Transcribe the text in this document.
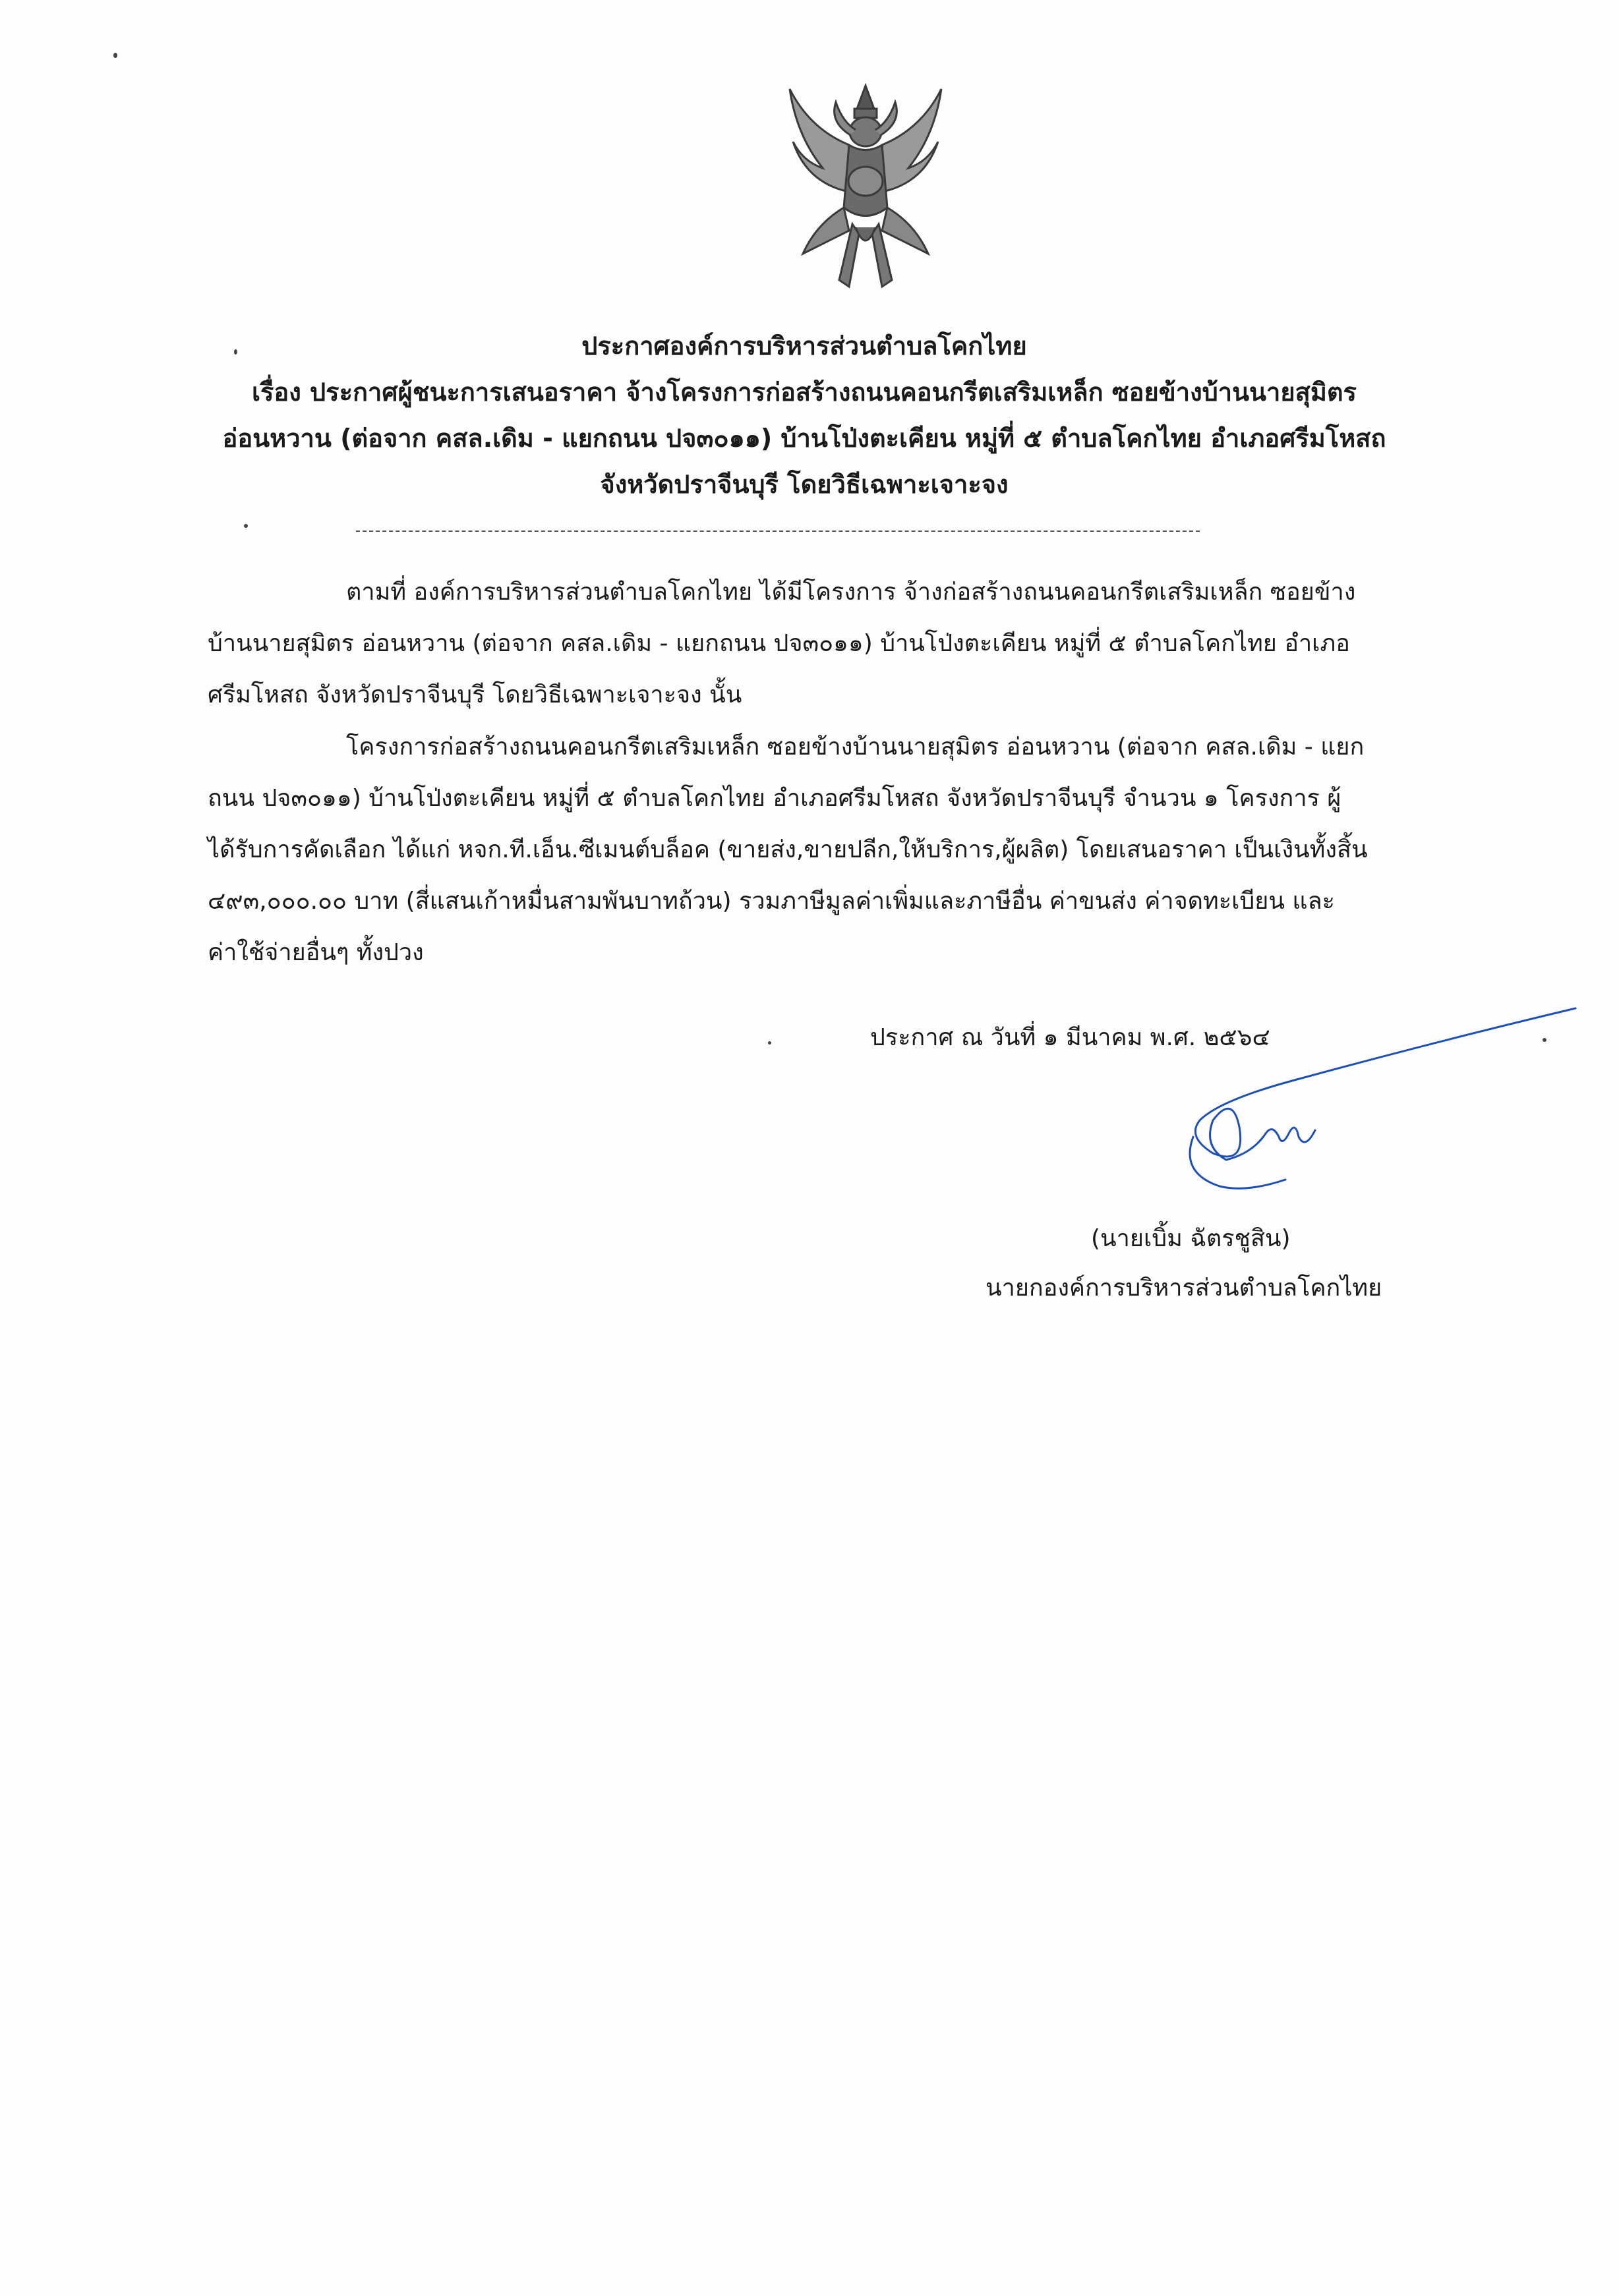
ประกาศองค์การบริหารส่วนตำบลโคกไทย
เรื่อง ประกาศผู้ชนะการเสนอราคา จ้างโครงการก่อสร้างถนนคอนกรีตเสริมเหล็ก ซอยข้างบ้านนายสุมิตร
อ่อนหวาน (ต่อจาก คสล.เดิม - แยกถนน ปจ๓๐๑๑) บ้านโป่งตะเคียน หมู่ที่ ๕ ตำบลโคกไทย อำเภอศรีมโหสถ
จังหวัดปราจีนบุรี โดยวิธีเฉพาะเจาะจง
ตามที่ องค์การบริหารส่วนตำบลโคกไทย ได้มีโครงการ จ้างก่อสร้างถนนคอนกรีตเสริมเหล็ก ซอยข้าง
บ้านนายสุมิตร อ่อนหวาน (ต่อจาก คสล.เดิม - แยกถนน ปจ๓๐๑๑) บ้านโป่งตะเคียน หมู่ที่ ๕ ตำบลโคกไทย อำเภอ
ศรีมโหสถ จังหวัดปราจีนบุรี โดยวิธีเฉพาะเจาะจง นั้น
โครงการก่อสร้างถนนคอนกรีตเสริมเหล็ก ซอยข้างบ้านนายสุมิตร อ่อนหวาน (ต่อจาก คสล.เดิม - แยก
ถนน ปจ๓๐๑๑) บ้านโป่งตะเคียน หมู่ที่ ๕ ตำบลโคกไทย อำเภอศรีมโหสถ จังหวัดปราจีนบุรี จำนวน ๑ โครงการ ผู้
ได้รับการคัดเลือก ได้แก่ หจก.ที.เอ็น.ซีเมนต์บล็อค (ขายส่ง,ขายปลีก,ให้บริการ,ผู้ผลิต) โดยเสนอราคา เป็นเงินทั้งสิ้น
๔๙๓,๐๐๐.๐๐ บาท (สี่แสนเก้าหมื่นสามพันบาทถ้วน) รวมภาษีมูลค่าเพิ่มและภาษีอื่น ค่าขนส่ง ค่าจดทะเบียน และ
ค่าใช้จ่ายอื่นๆ ทั้งปวง
ประกาศ ณ วันที่ ๑ มีนาคม พ.ศ. ๒๕๖๔
(นายเบิ้ม ฉัตรชูสิน)
นายกองค์การบริหารส่วนตำบลโคกไทย
